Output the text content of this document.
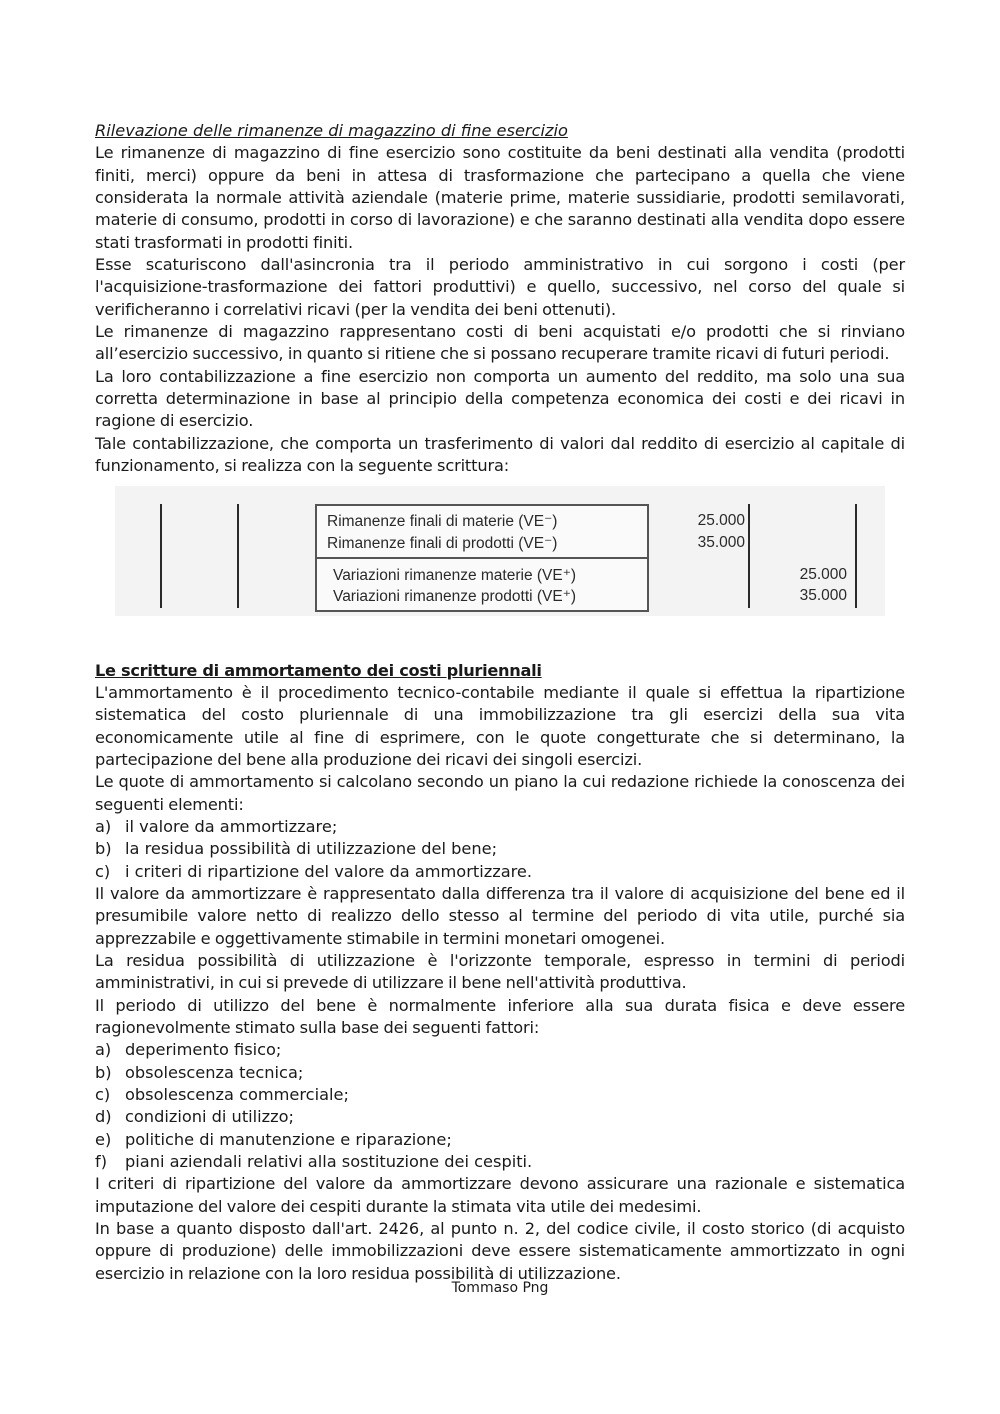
Rilevazione delle rimanenze di magazzino di fine esercizio

Le rimanenze di magazzino di fine esercizio sono costituite da beni destinati alla vendita (prodotti finiti, merci) oppure da beni in attesa di trasformazione che partecipano a quella che viene considerata la normale attività aziendale (materie prime, materie sussidiarie, prodotti semilavorati, materie di consumo, prodotti in corso di lavorazione) e che saranno destinati alla vendita dopo essere stati trasformati in prodotti finiti.

Esse scaturiscono dall'asincronia tra il periodo amministrativo in cui sorgono i costi (per l'acquisizione-trasformazione dei fattori produttivi) e quello, successivo, nel corso del quale si verificheranno i correlativi ricavi (per la vendita dei beni ottenuti).

Le rimanenze di magazzino rappresentano costi di beni acquistati e/o prodotti che si rinviano all’esercizio successivo, in quanto si ritiene che si possano recuperare tramite ricavi di futuri periodi.

La loro contabilizzazione a fine esercizio non comporta un aumento del reddito, ma solo una sua corretta determinazione in base al principio della competenza economica dei costi e dei ricavi in ragione di esercizio.

Tale contabilizzazione, che comporta un trasferimento di valori dal reddito di esercizio al capitale di funzionamento, si realizza con la seguente scrittura:

Rimanenze finali di materie (VE⁻)
Rimanenze finali di prodotti (VE⁻)
Variazioni rimanenze materie (VE⁺)
Variazioni rimanenze prodotti (VE⁺)
25.000
35.000
25.000
35.000

Le scritture di ammortamento dei costi pluriennali

L'ammortamento è il procedimento tecnico-contabile mediante il quale si effettua la ripartizione sistematica del costo pluriennale di una immobilizzazione tra gli esercizi della sua vita economicamente utile al fine di esprimere, con le quote congetturate che si determinano, la partecipazione del bene alla produzione dei ricavi dei singoli esercizi.

Le quote di ammortamento si calcolano secondo un piano la cui redazione richiede la conoscenza dei seguenti elementi:

a) il valore da ammortizzare;
b) la residua possibilità di utilizzazione del bene;
c) i criteri di ripartizione del valore da ammortizzare.

Il valore da ammortizzare è rappresentato dalla differenza tra il valore di acquisizione del bene ed il presumibile valore netto di realizzo dello stesso al termine del periodo di vita utile, purché sia apprezzabile e oggettivamente stimabile in termini monetari omogenei.

La residua possibilità di utilizzazione è l'orizzonte temporale, espresso in termini di periodi amministrativi, in cui si prevede di utilizzare il bene nell'attività produttiva.

Il periodo di utilizzo del bene è normalmente inferiore alla sua durata fisica e deve essere ragionevolmente stimato sulla base dei seguenti fattori:

a) deperimento fisico;
b) obsolescenza tecnica;
c) obsolescenza commerciale;
d) condizioni di utilizzo;
e) politiche di manutenzione e riparazione;
f)	piani aziendali relativi alla sostituzione dei cespiti.

I criteri di ripartizione del valore da ammortizzare devono assicurare una razionale e sistematica imputazione del valore dei cespiti durante la stimata vita utile dei medesimi.

In base a quanto disposto dall'art. 2426, al punto n. 2, del codice civile, il costo storico (di acquisto oppure di produzione) delle immobilizzazioni deve essere sistematicamente ammortizzato in ogni esercizio in relazione con la loro residua possibilità di utilizzazione.

Tommaso Png
